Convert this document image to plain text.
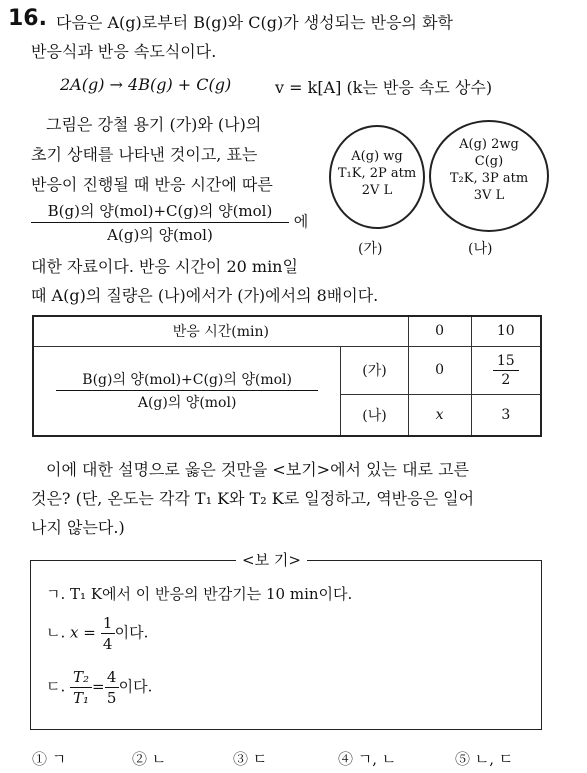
16. 다음은 A(g)로부터 B(g)와 C(g)가 생성되는 반응의 화학
반응식과 반응 속도식이다.
2A(g) → 4B(g) + C(g)	v = k[A] (k는 반응 속도 상수)
그림은 강철 용기 (가)와 (나)의
초기 상태를 나타낸 것이고, 표는
반응이 진행될 때 반응 시간에 따른
$\frac{\text{B(g)의 양(mol)+C(g)의 양(mol)}}{\text{A(g)의 양(mol)}}$ 에
대한 자료이다. 반응 시간이 20 min일
때 A(g)의 질량은 (나)에서가 (가)에서의 8배이다.
A(g) wg
T₁K, 2P atm
2V L
(가)
A(g) 2wg
C(g)
T₂K, 3P atm
3V L
(나)
반응 시간(min)		0	10

$\frac{\text{B(g)의 양(mol)+C(g)의 양(mol)}}{\text{A(g)의 양(mol)}}$	(가)	0	$\frac{15}{2}$

	(나)	x	3
이에 대한 설명으로 옳은 것만을 <보기>에서 있는 대로 고른
것은? (단, 온도는 각각 T₁ K와 T₂ K로 일정하고, 역반응은 일어
나지 않는다.)
<보 기>
ㄱ. T₁ K에서 이 반응의 반감기는 10 min이다.
ㄴ. $x = \frac{1}{4}$ 이다.
ㄷ. $\frac{\text{T₂}}{\text{T₁}} = \frac{4}{5}$ 이다.
① ㄱ	② ㄴ	③ ㄷ	④ ㄱ, ㄴ	⑤ ㄴ, ㄷ
